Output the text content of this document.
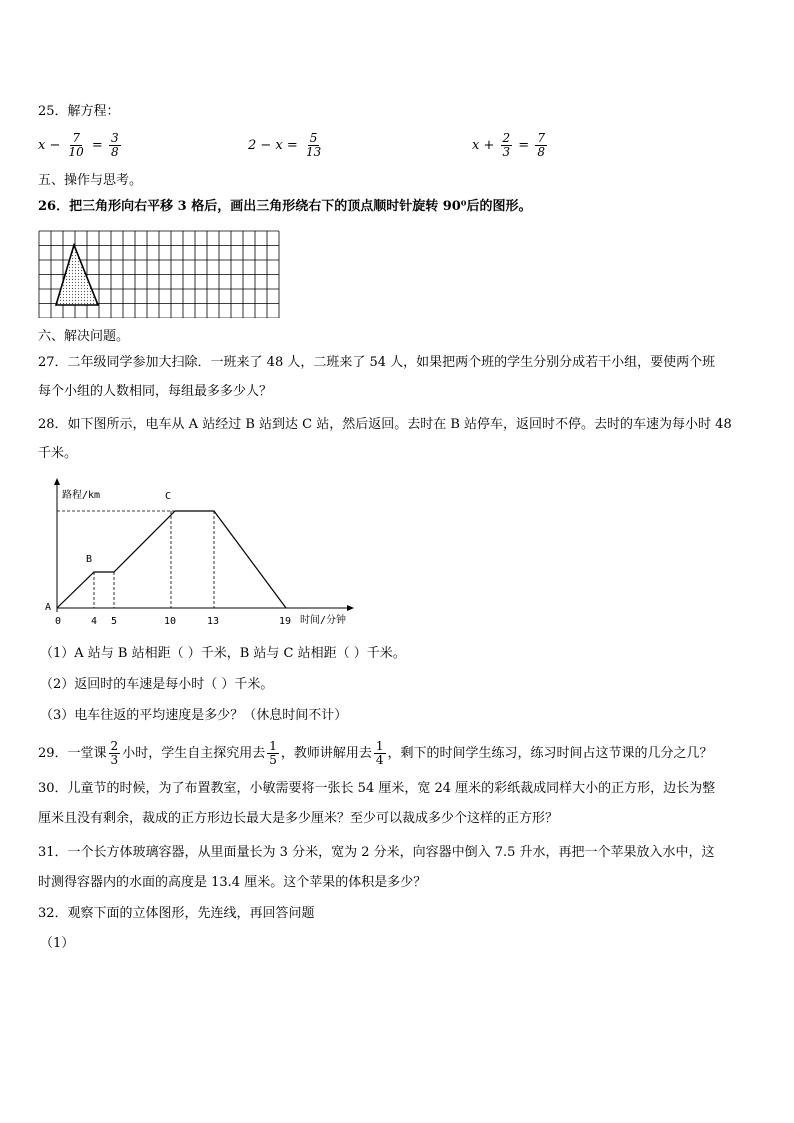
25．解方程：
$x - \frac{7}{10} = \frac{3}{8}$	$2 - x = \frac{5}{13}$	$x + \frac{2}{3} = \frac{7}{8}$
五、操作与思考。
26．把三角形向右平移 3 格后，画出三角形绕右下的顶点顺时针旋转 90⁰后的图形。
六、解决问题。
27．二年级同学参加大扫除．一班来了 48 人，二班来了 54 人，如果把两个班的学生分别分成若干小组，要使两个班
每个小组的人数相同，每组最多多少人？
28．如下图所示，电车从 A 站经过 B 站到达 C 站，然后返回。去时在 B 站停车，返回时不停。去时的车速为每小时 48
千米。
路程/km
时间/分钟
A
B
C
0	4 5	10	13	19
（1）A 站与 B 站相距（ ）千米，B 站与 C 站相距（ ）千米。
（2）返回时的车速是每小时（ ）千米。
（3）电车往返的平均速度是多少？（休息时间不计）
29．一堂课 $\frac{2}{3}$ 小时，学生自主探究用去 $\frac{1}{5}$ ，教师讲解用去 $\frac{1}{4}$ ，剩下的时间学生练习，练习时间占这节课的几分之几？
30．儿童节的时候，为了布置教室，小敏需要将一张长 54 厘米，宽 24 厘米的彩纸裁成同样大小的正方形，边长为整
厘米且没有剩余，裁成的正方形边长最大是多少厘米？至少可以裁成多少个这样的正方形？
31．一个长方体玻璃容器，从里面量长为 3 分米，宽为 2 分米，向容器中倒入 7.5 升水，再把一个苹果放入水中，这
时测得容器内的水面的高度是 13.4 厘米。这个苹果的体积是多少？
32．观察下面的立体图形，先连线，再回答问题
（1）
